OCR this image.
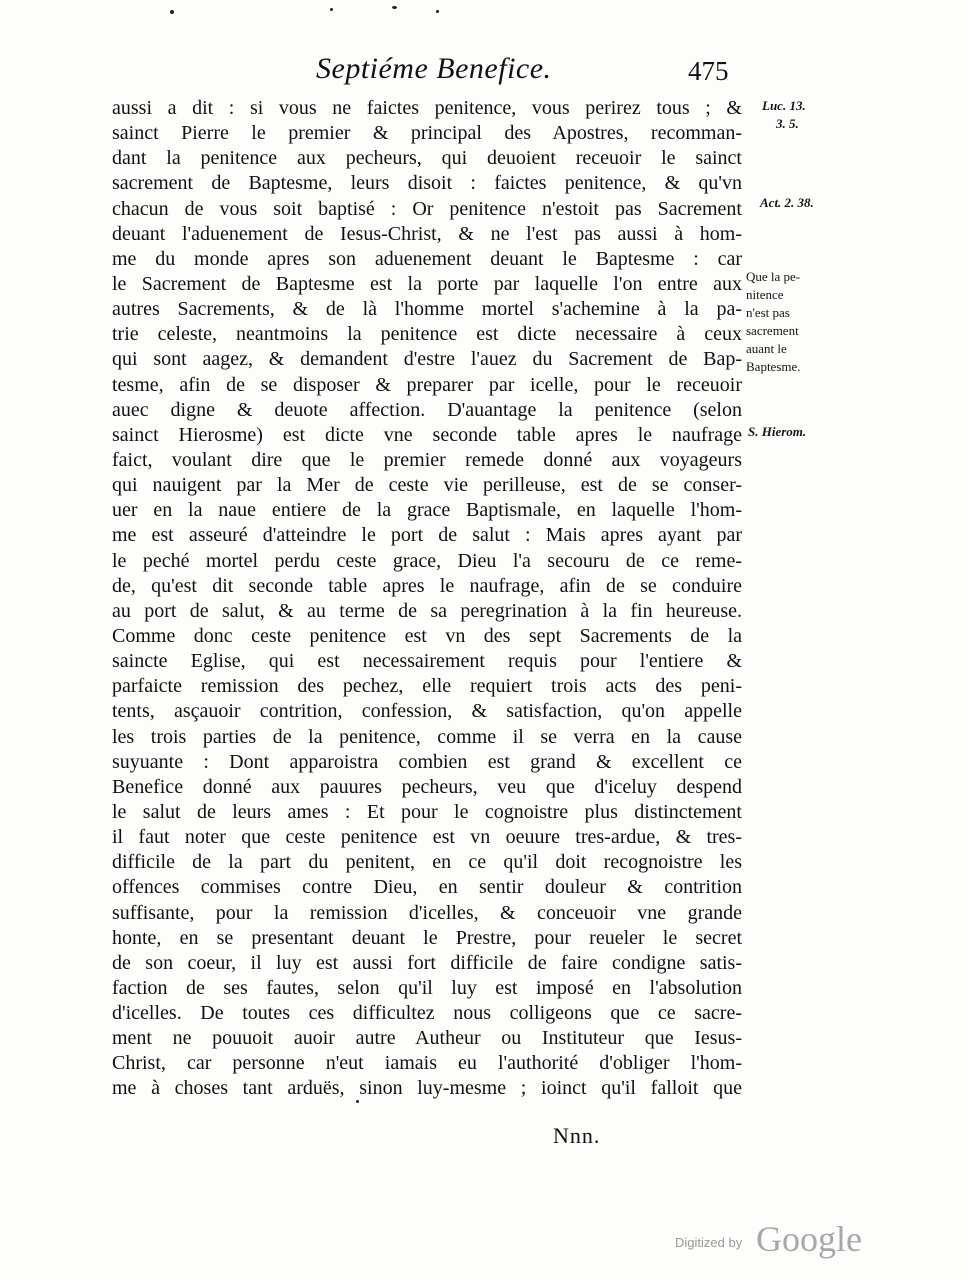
Septiéme Benefice.	475
aussi a dit : si vous ne faictes penitence, vous perirez tous ; &
sainct Pierre le premier & principal des Apostres, recomman-
dant la penitence aux pecheurs, qui deuoient receuoir le sainct
sacrement de Baptesme, leurs disoit : faictes penitence, & qu'vn
chacun de vous soit baptisé : Or penitence n'estoit pas Sacrement
deuant l'aduenement de Iesus-Christ, & ne l'est pas aussi à hom-
me du monde apres son aduenement deuant le Baptesme : car
le Sacrement de Baptesme est la porte par laquelle l'on entre aux
autres Sacrements, & de là l'homme mortel s'achemine à la pa-
trie celeste, neantmoins la penitence est dicte necessaire à ceux
qui sont aagez, & demandent d'estre l'auez du Sacrement de Bap-
tesme, afin de se disposer & preparer par icelle, pour le receuoir
auec digne & deuote affection. D'auantage la penitence (selon
sainct Hierosme) est dicte vne seconde table apres le naufrage
faict, voulant dire que le premier remede donné aux voyageurs
qui nauigent par la Mer de ceste vie perilleuse, est de se conser-
uer en la naue entiere de la grace Baptismale, en laquelle l'hom-
me est asseuré d'atteindre le port de salut : Mais apres ayant par
le peché mortel perdu ceste grace, Dieu l'a secouru de ce reme-
de, qu'est dit seconde table apres le naufrage, afin de se conduire
au port de salut, & au terme de sa peregrination à la fin heureuse.
Comme donc ceste penitence est vn des sept Sacrements de la
saincte Eglise, qui est necessairement requis pour l'entiere &
parfaicte remission des pechez, elle requiert trois acts des peni-
tents, asçauoir contrition, confession, & satisfaction, qu'on appelle
les trois parties de la penitence, comme il se verra en la cause
suyuante : Dont apparoistra combien est grand & excellent ce
Benefice donné aux pauures pecheurs, veu que d'iceluy despend
le salut de leurs ames : Et pour le cognoistre plus distinctement
il faut noter que ceste penitence est vn oeuure tres-ardue, & tres-
difficile de la part du penitent, en ce qu'il doit recognoistre les
offences commises contre Dieu, en sentir douleur & contrition
suffisante, pour la remission d'icelles, & conceuoir vne grande
honte, en se presentant deuant le Prestre, pour reueler le secret
de son coeur, il luy est aussi fort difficile de faire condigne satis-
faction de ses fautes, selon qu'il luy est imposé en l'absolution
d'icelles. De toutes ces difficultez nous colligeons que ce sacre-
ment ne pouuoit auoir autre Autheur ou Instituteur que Iesus-
Christ, car personne n'eut iamais eu l'authorité d'obliger l'hom-
me à choses tant arduës, sinon luy-mesme ; ioinct qu'il falloit que
Luc. 13.
3. 5.
Act. 2. 38.
Que la pe-
nitence
n'est pas
sacrement
auant le
Baptesme.
S. Hierom.
Nnn.
Digitized by Google
